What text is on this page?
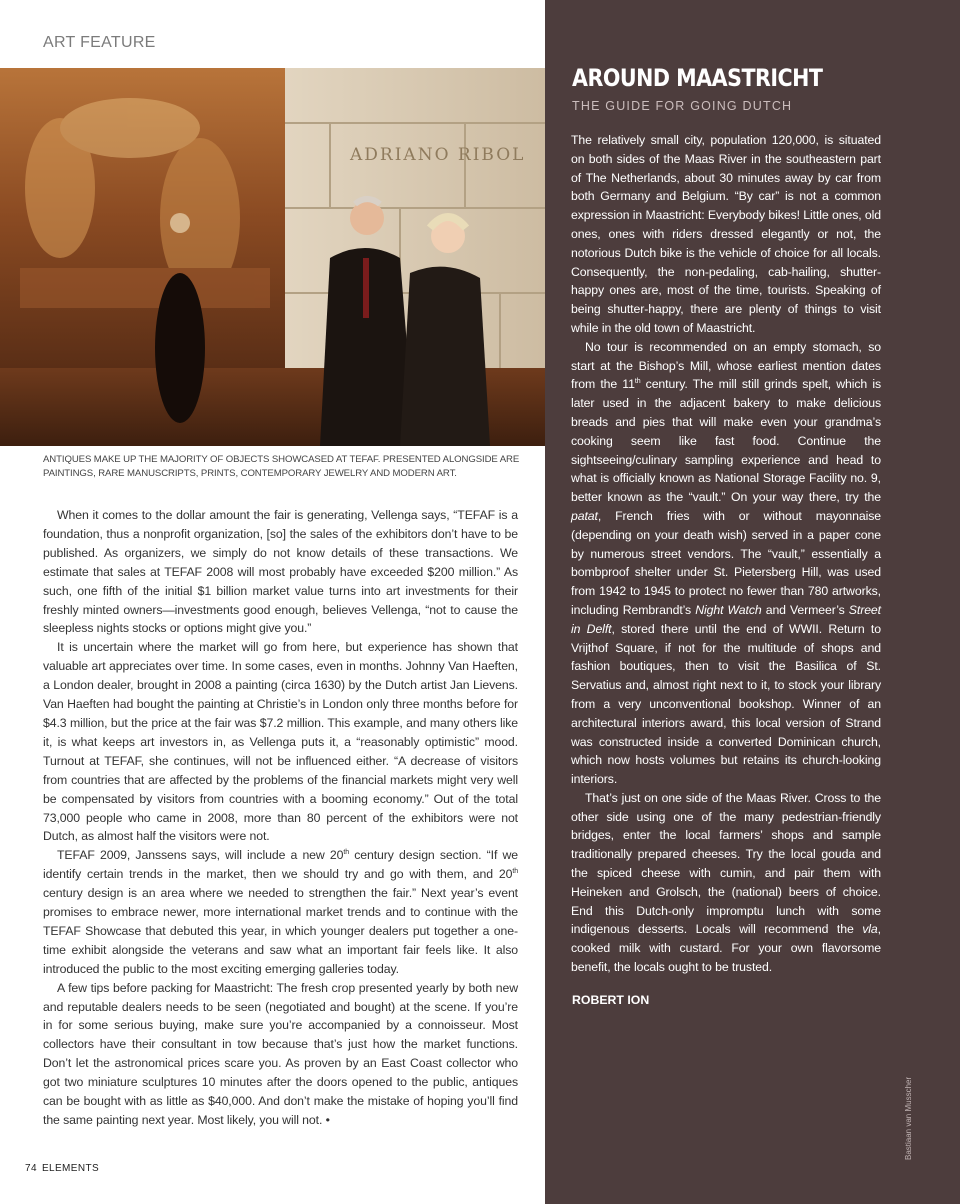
ART FEATURE
ADRIANO RIBOL
ANTIQUES MAKE UP THE MAJORITY OF OBJECTS SHOWCASED AT TEFAF. PRESENTED ALONGSIDE ARE PAINTINGS, RARE MANUSCRIPTS, PRINTS, CONTEMPORARY JEWELRY AND MODERN ART.

When it comes to the dollar amount the fair is generating, Vellenga says, “TEFAF is a foundation, thus a nonprofit organization, [so] the sales of the exhibitors don’t have to be published. As organizers, we simply do not know details of these transactions. We estimate that sales at TEFAF 2008 will most probably have exceeded $200 million.” As such, one fifth of the initial $1 billion market value turns into art investments for their freshly minted owners—investments good enough, believes Vellenga, “not to cause the sleepless nights stocks or options might give you.”

It is uncertain where the market will go from here, but experience has shown that valuable art appreciates over time. In some cases, even in months. Johnny Van Haeften, a London dealer, brought in 2008 a painting (circa 1630) by the Dutch artist Jan Lievens. Van Haeften had bought the painting at Christie’s in London only three months before for $4.3 million, but the price at the fair was $7.2 million. This example, and many others like it, is what keeps art investors in, as Vellenga puts it, a “reasonably optimistic” mood. Turnout at TEFAF, she continues, will not be influenced either. “A decrease of visitors from countries that are affected by the problems of the financial markets might very well be compensated by visitors from countries with a booming economy.” Out of the total 73,000 people who came in 2008, more than 80 percent of the exhibitors were not Dutch, as almost half the visitors were not.

TEFAF 2009, Janssens says, will include a new 20th century design section. “If we identify certain trends in the market, then we should try and go with them, and 20th century design is an area where we needed to strengthen the fair.” Next year’s event promises to embrace newer, more international market trends and to continue with the TEFAF Showcase that debuted this year, in which younger dealers put together a one-time exhibit alongside the veterans and saw what an important fair feels like. It also introduced the public to the most exciting emerging galleries today.

A few tips before packing for Maastricht: The fresh crop presented yearly by both new and reputable dealers needs to be seen (negotiated and bought) at the scene. If you’re in for some serious buying, make sure you’re accompanied by a connoisseur. Most collectors have their consultant in tow because that’s just how the market functions. Don’t let the astronomical prices scare you. As proven by an East Coast collector who got two miniature sculptures 10 minutes after the doors opened to the public, antiques can be bought with as little as $40,000. And don’t make the mistake of hoping you’ll find the same painting next year. Most likely, you will not. •

74 ELEMENTS
AROUND MAASTRICHT
THE GUIDE FOR GOING DUTCH

The relatively small city, population 120,000, is situated on both sides of the Maas River in the southeastern part of The Netherlands, about 30 minutes away by car from both Germany and Belgium. “By car” is not a common expression in Maastricht: Everybody bikes! Little ones, old ones, ones with riders dressed elegantly or not, the notorious Dutch bike is the vehicle of choice for all locals. Consequently, the non-pedaling, cab-hailing, shutter-happy ones are, most of the time, tourists. Speaking of being shutter-happy, there are plenty of things to visit while in the old town of Maastricht.

No tour is recommended on an empty stomach, so start at the Bishop’s Mill, whose earliest mention dates from the 11th century. The mill still grinds spelt, which is later used in the adjacent bakery to make delicious breads and pies that will make even your grandma’s cooking seem like fast food. Continue the sightseeing/culinary sampling experience and head to what is officially known as National Storage Facility no. 9, better known as the “vault.” On your way there, try the patat, French fries with or without mayonnaise (depending on your death wish) served in a paper cone by numerous street vendors. The “vault,” essentially a bombproof shelter under St. Pietersberg Hill, was used from 1942 to 1945 to protect no fewer than 780 artworks, including Rembrandt’s Night Watch and Vermeer’s Street in Delft, stored there until the end of WWII. Return to Vrijthof Square, if not for the multitude of shops and fashion boutiques, then to visit the Basilica of St. Servatius and, almost right next to it, to stock your library from a very unconventional bookshop. Winner of an architectural interiors award, this local version of Strand was constructed inside a converted Dominican church, which now hosts volumes but retains its church-looking interiors.

That’s just on one side of the Maas River. Cross to the other side using one of the many pedestrian-friendly bridges, enter the local farmers’ shops and sample traditionally prepared cheeses. Try the local gouda and the spiced cheese with cumin, and pair them with Heineken and Grolsch, the (national) beers of choice. End this Dutch-only impromptu lunch with some indigenous desserts. Locals will recommend the vla, cooked milk with custard. For your own flavorsome benefit, the locals ought to be trusted.

ROBERT ION
Bastiaan van Musscher
